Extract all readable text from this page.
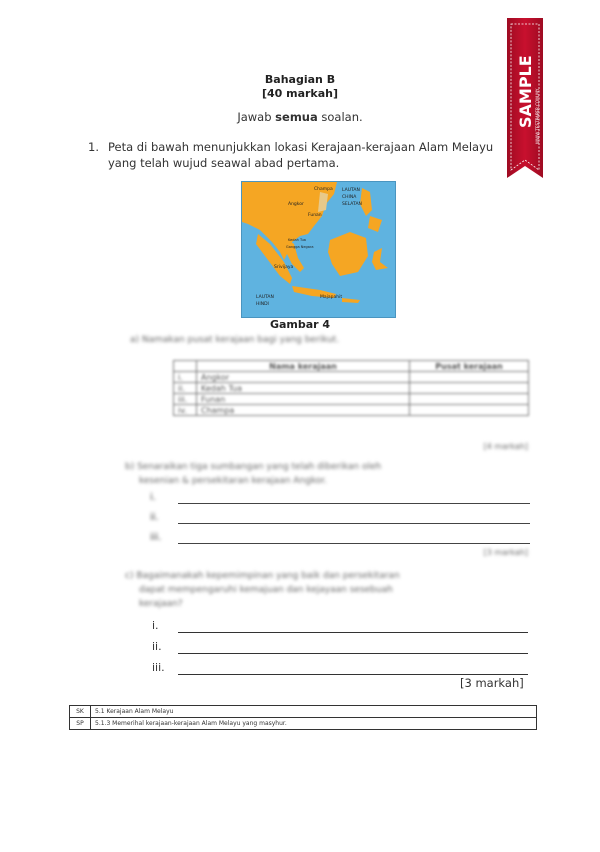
Bahagian B
[40 markah]
Jawab semua soalan.
1. Peta di bawah menunjukkan lokasi Kerajaan-kerajaan Alam Melayu
yang telah wujud seawal abad pertama.
Champa LAUTAN
CHINA
SELATAN
Angkor
Funan
Kedah Tua
Gangga Negara
Srivijaya
Majapahit
LAUTAN
HINDI
Gambar 4
a) Namakan pusat kerajaan bagi yang berikut.
	Nama kerajaan	Pusat kerajaan
i.	Angkor	
ii.	Kedah Tua	
iii.	Funan	
iv.	Champa	
[4 markah]
b) Senaraikan tiga sumbangan yang telah diberikan oleh
kesenian & persekitaran kerajaan Angkor.
i.
ii.
iii.
[3 markah]
c) Bagaimanakah kepemimpinan yang baik dan persekitaran
dapat mempengaruhi kemajuan dan kejayaan sesebuah
kerajaan?
i.
ii.
iii.
[3 markah]
SK	5.1 Kerajaan Alam Melayu
SP	5.1.3 Memerihal kerajaan-kerajaan Alam Melayu yang masyhur.
SAMPLE WWW.TESTPAPER.COM.MY
